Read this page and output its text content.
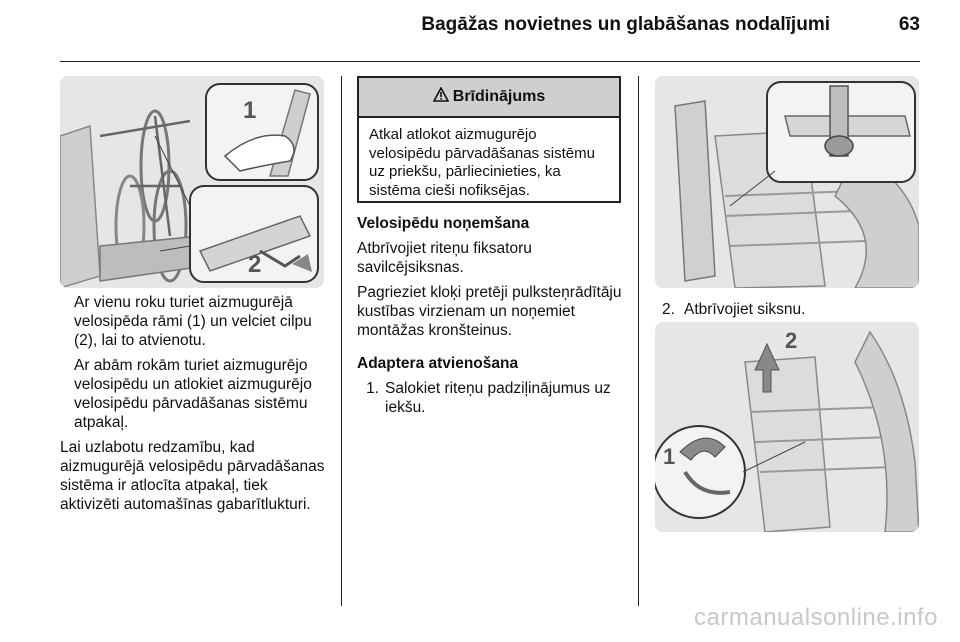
Bagāžas novietnes un glabāšanas nodalījumi	63
1
2

Ar vienu roku turiet aizmugurējā velosipēda rāmi (1) un velciet cilpu (2), lai to atvienotu.

Ar abām rokām turiet aizmugurējo velosipēdu un atlokiet aizmugurējo velosipēdu pārvadāšanas sistēmu atpakaļ.

Lai uzlabotu redzamību, kad aizmugurējā velosipēdu pārvadāšanas sistēma ir atlocīta atpakaļ, tiek aktivizēti automašīnas gabarītlukturi.

Brīdinājums
Atkal atlokot aizmugurējo velosipēdu pārvadāšanas sistēmu uz priekšu, pārliecinieties, ka sistēma cieši nofiksējas.

Velosipēdu noņemšana

Atbrīvojiet riteņu fiksatoru savilcējsiksnas.

Pagrieziet kloķi pretēji pulksteņrādītāju kustības virzienam un noņemiet montāžas kronšteinus.

Adaptera atvienošana

1. Salokiet riteņu padziļinājumus uz iekšu.
2. Atbrīvojiet siksnu.
2
1
carmanualsonline.info
